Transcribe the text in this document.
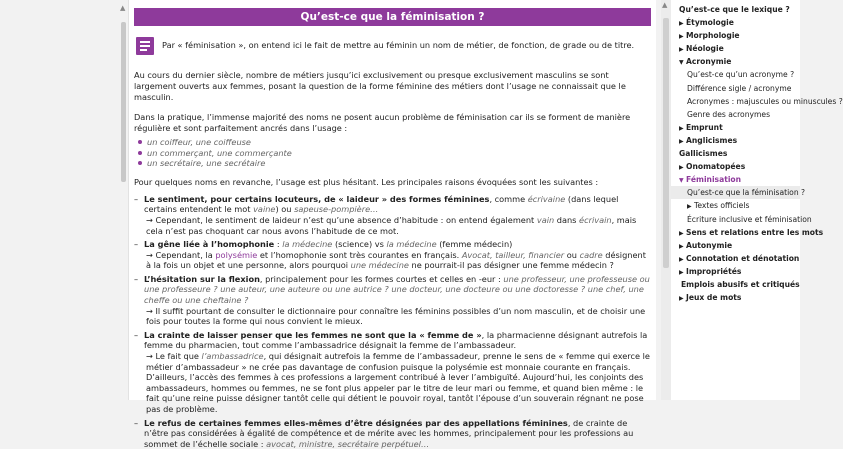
▲
Qu’est-ce que la féminisation ?

Par « féminisation », on entend ici le fait de mettre au féminin un nom de métier, de fonction, de grade ou de titre.

Au cours du dernier siècle, nombre de métiers jusqu’ici exclusivement ou presque exclusivement masculins se sont largement ouverts aux femmes, posant la question de la forme féminine des métiers dont l’usage ne connaissait que le masculin.

Dans la pratique, l’immense majorité des noms ne posent aucun problème de féminisation car ils se forment de manière régulière et sont parfaitement ancrés dans l’usage :

un coiffeur, une coiffeuse
un commerçant, une commerçante
un secrétaire, une secrétaire

Pour quelques noms en revanche, l’usage est plus hésitant. Les principales raisons évoquées sont les suivantes :

– Le sentiment, pour certains locuteurs, de « laideur » des formes féminines, comme écrivaine (dans lequel certains entendent le mot vaine) ou sapeuse-pompière…
→ Cependant, le sentiment de laideur n’est qu’une absence d’habitude : on entend également vain dans écrivain, mais cela n’est pas choquant car nous avons l’habitude de ce mot.
– La gêne liée à l’homophonie : la médecine (science) vs la médecine (femme médecin)
→ Cependant, la polysémie et l’homophonie sont très courantes en français. Avocat, tailleur, financier ou cadre désignent à la fois un objet et une personne, alors pourquoi une médecine ne pourrait-il pas désigner une femme médecin ?
– L’hésitation sur la flexion, principalement pour les formes courtes et celles en -eur : une professeur, une professeuse ou une professeure ? une auteur, une auteure ou une autrice ? une docteur, une docteure ou une doctoresse ? une chef, une cheffe ou une cheftaine ?
→ Il suffit pourtant de consulter le dictionnaire pour connaître les féminins possibles d’un nom masculin, et de choisir une fois pour toutes la forme qui nous convient le mieux.
– La crainte de laisser penser que les femmes ne sont que la « femme de », la pharmacienne désignant autrefois la femme du pharmacien, tout comme l’ambassadrice désignait la femme de l’ambassadeur.
→ Le fait que l’ambassadrice, qui désignait autrefois la femme de l’ambassadeur, prenne le sens de « femme qui exerce le métier d’ambassadeur » ne crée pas davantage de confusion puisque la polysémie est monnaie courante en français. D’ailleurs, l’accès des femmes à ces professions a largement contribué à lever l’ambiguïté. Aujourd’hui, les conjoints des ambassadeurs, hommes ou femmes, ne se font plus appeler par le titre de leur mari ou femme, et quand bien même : le fait qu’une reine puisse désigner tantôt celle qui détient le pouvoir royal, tantôt l’épouse d’un souverain régnant ne pose pas de problème.
– Le refus de certaines femmes elles-mêmes d’être désignées par des appellations féminines, de crainte de n’être pas considérées à égalité de compétence et de mérite avec les hommes, principalement pour les professions au sommet de l’échelle sociale : avocat, ministre, secrétaire perpétuel…
▲	Qu’est-ce que le lexique ?
▶ Étymologie
▶ Morphologie
▶ Néologie
▼ Acronymie
Qu’est-ce qu’un acronyme ?
Différence sigle / acronyme
Acronymes : majuscules ou minuscules ?
Genre des acronymes
▶ Emprunt
▶ Anglicismes
Gallicismes
▶ Onomatopées
▼ Féminisation
Qu’est-ce que la féminisation ?
▶ Textes officiels
Écriture inclusive et féminisation
▶ Sens et relations entre les mots
▶ Autonymie
▶ Connotation et dénotation
▶ Impropriétés
Emplois abusifs et critiqués
▶ Jeux de mots
